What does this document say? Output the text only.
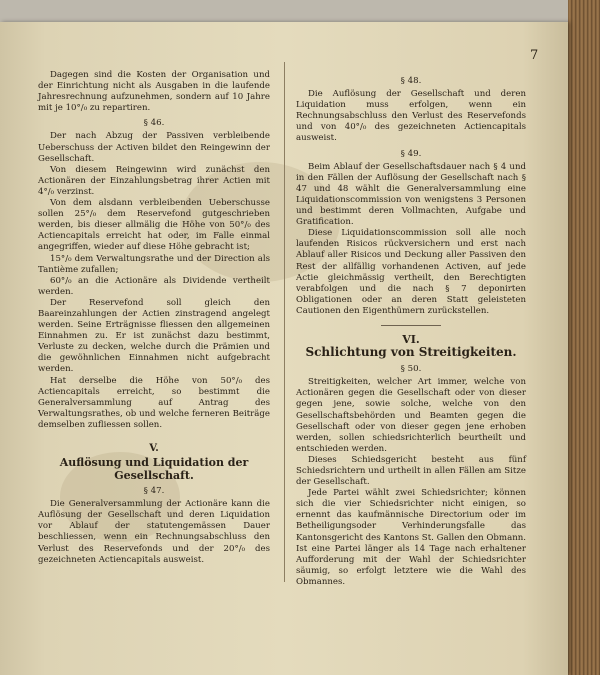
7

Dagegen sind die Kosten der Organisation und der Einrichtung nicht als Ausgaben in die laufende Jahresrechnung aufzunehmen, sondern auf 10 Jahre mit je 10°/₀ zu repartiren.

§ 46.

Der nach Abzug der Passiven verbleibende Ueberschuss der Activen bildet den Reingewinn der Gesellschaft.

Von diesem Reingewinn wird zunächst den Actionären der Einzahlungsbetrag ihrer Actien mit 4°/₀ verzinst.

Von dem alsdann verbleibenden Ueberschusse sollen 25°/₀ dem Reservefond gutgeschrieben werden, bis dieser allmälig die Höhe von 50°/₀ des Actiencapitals erreicht hat oder, im Falle einmal angegriffen, wieder auf diese Höhe gebracht ist;

15°/₀ dem Verwaltungsrathe und der Direction als Tantième zufallen;

60°/₀ an die Actionäre als Dividende vertheilt werden.

Der Reservefond soll gleich den Baareinzahlungen der Actien zinstragend angelegt werden. Seine Erträgnisse fliessen den allgemeinen Einnahmen zu. Er ist zunächst dazu bestimmt, Verluste zu decken, welche durch die Prämien und die gewöhnlichen Einnahmen nicht aufgebracht werden.

Hat derselbe die Höhe von 50°/₀ des Actiencapitals erreicht, so bestimmt die Generalversammlung auf Antrag des Verwaltungsrathes, ob und welche ferneren Beiträge demselben zufliessen sollen.

V.
Auflösung und Liquidation der Gesellschaft.

§ 47.

Die Generalversammlung der Actionäre kann die Auflösung der Gesellschaft und deren Liquidation vor Ablauf der statutengemässen Dauer beschliessen, wenn ein Rechnungsabschluss den Verlust des Reservefonds und der 20°/₀ des gezeichneten Actiencapitals ausweist.

§ 48.

Die Auflösung der Gesellschaft und deren Liquidation muss erfolgen, wenn ein Rechnungsabschluss den Verlust des Reservefonds und von 40°/₀ des gezeichneten Actiencapitals ausweist.

§ 49.

Beim Ablauf der Gesellschaftsdauer nach § 4 und in den Fällen der Auflösung der Gesellschaft nach § 47 und 48 wählt die Generalversammlung eine Liquidationscommission von wenigstens 3 Personen und bestimmt deren Vollmachten, Aufgabe und Gratification.

Diese Liquidationscommission soll alle noch laufenden Risicos rückversichern und erst nach Ablauf aller Risicos und Deckung aller Passiven den Rest der allfällig vorhandenen Activen, auf jede Actie gleichmässig vertheilt, den Berechtigten verabfolgen und die nach § 7 deponirten Obligationen oder an deren Statt geleisteten Cautionen den Eigenthümern zurückstellen.

VI.
Schlichtung von Streitigkeiten.

§ 50.

Streitigkeiten, welcher Art immer, welche von Actionären gegen die Gesellschaft oder von dieser gegen jene, sowie solche, welche von den Gesellschaftsbehörden und Beamten gegen die Gesellschaft oder von dieser gegen jene erhoben werden, sollen schiedsrichterlich beurtheilt und entschieden werden.

Dieses Schiedsgericht besteht aus fünf Schiedsrichtern und urtheilt in allen Fällen am Sitze der Gesellschaft.

Jede Partei wählt zwei Schiedsrichter; können sich die vier Schiedsrichter nicht einigen, so ernennt das kaufmännische Directorium oder im Betheiligungsoder Verhinderungsfalle das Kantonsgericht des Kantons St. Gallen den Obmann. Ist eine Partei länger als 14 Tage nach erhaltener Aufforderung mit der Wahl der Schiedsrichter säumig, so erfolgt letztere wie die Wahl des Obmannes.
